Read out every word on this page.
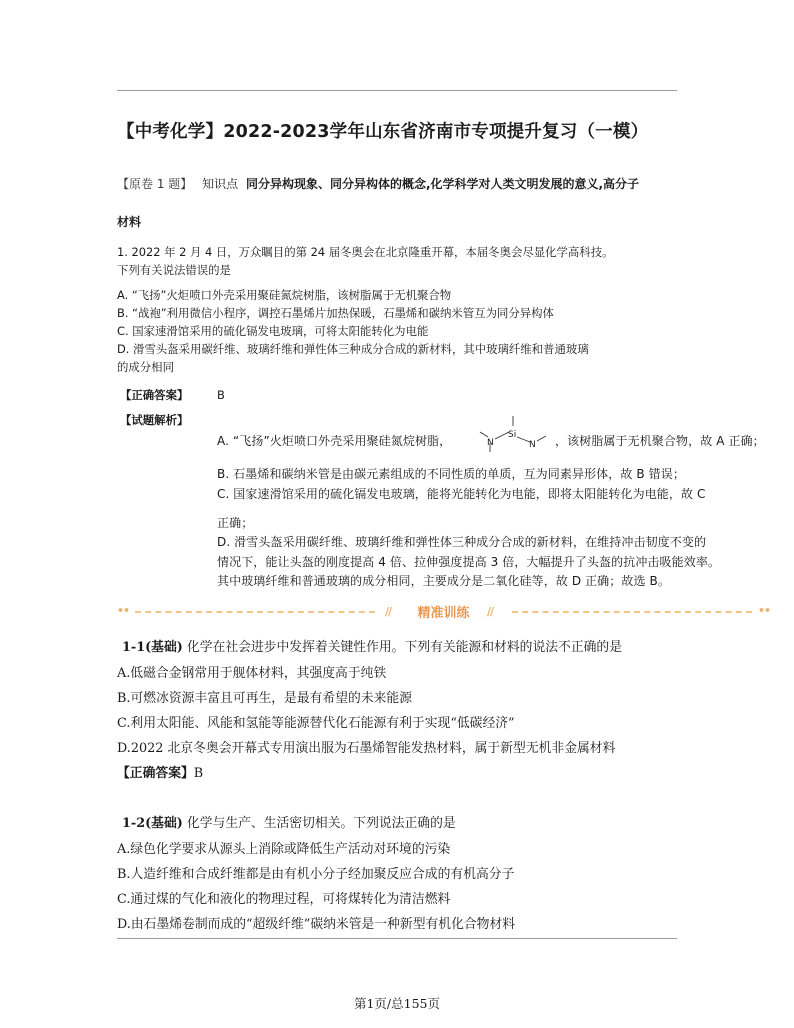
【中考化学】2022-2023学年山东省济南市专项提升复习（一模）
【原卷 1 题】 知识点 同分异构现象、同分异构体的概念,化学科学对人类文明发展的意义,高分子
材料
1. 2022 年 2 月 4 日，万众瞩目的第 24 届冬奥会在北京隆重开幕，本届冬奥会尽显化学高科技。
下列有关说法错误的是
A. “飞扬”火炬喷口外壳采用聚硅氮烷树脂，该树脂属于无机聚合物
B. “战袍”利用微信小程序，调控石墨烯片加热保暖，石墨烯和碳纳米管互为同分异构体
C. 国家速滑馆采用的硫化镉发电玻璃，可将太阳能转化为电能
D. 滑雪头盔采用碳纤维、玻璃纤维和弹性体三种成分合成的新材料，其中玻璃纤维和普通玻璃
的成分相同
【正确答案】	B
【试题解析】
A. “飞扬”火炬喷口外壳采用聚硅氮烷树脂，	Si
N	N ，该树脂属于无机聚合物，故 A 正确；
B. 石墨烯和碳纳米管是由碳元素组成的不同性质的单质，互为同素异形体，故 B 错误；
C. 国家速滑馆采用的硫化镉发电玻璃，能将光能转化为电能，即将太阳能转化为电能，故 C
正确；
D. 滑雪头盔采用碳纤维、玻璃纤维和弹性体三种成分合成的新材料，在维持冲击韧度不变的
情况下，能让头盔的刚度提高 4 倍、拉伸强度提高 3 倍，大幅提升了头盔的抗冲击吸能效率。
其中玻璃纤维和普通玻璃的成分相同，主要成分是二氧化硅等，故 D 正确；故选 B。
••	••
//	//
精准训练
1-1(基础) 化学在社会进步中发挥着关键性作用。下列有关能源和材料的说法不正确的是
A.低磁合金钢常用于舰体材料，其强度高于纯铁
B.可燃冰资源丰富且可再生，是最有希望的未来能源
C.利用太阳能、风能和氢能等能源替代化石能源有利于实现“低碳经济”
D.2022 北京冬奥会开幕式专用演出服为石墨烯智能发热材料，属于新型无机非金属材料
【正确答案】B
1-2(基础) 化学与生产、生活密切相关。下列说法正确的是
A.绿色化学要求从源头上消除或降低生产活动对环境的污染
B.人造纤维和合成纤维都是由有机小分子经加聚反应合成的有机高分子
C.通过煤的气化和液化的物理过程，可将煤转化为清洁燃料
D.由石墨烯卷制而成的“超级纤维”碳纳米管是一种新型有机化合物材料
第1页/总155页
